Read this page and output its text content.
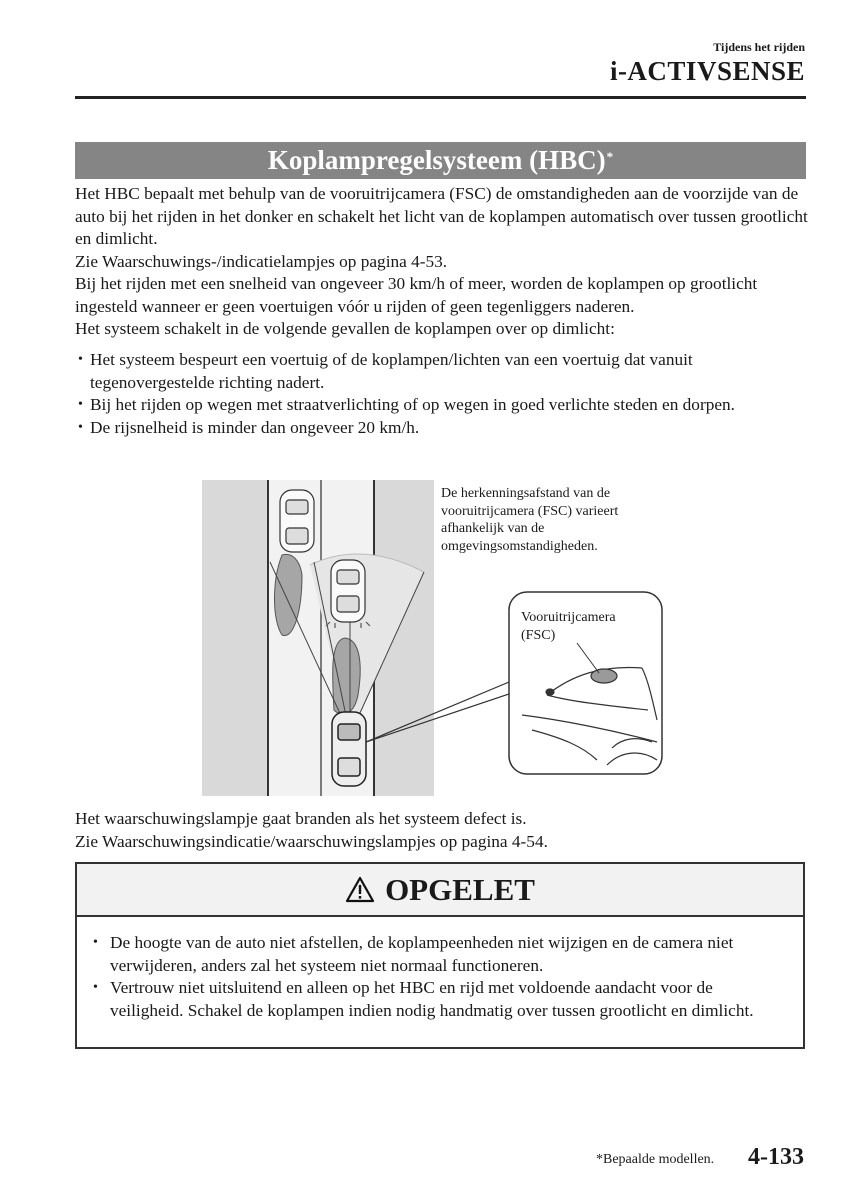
Tijdens het rijden
i-ACTIVSENSE
Koplampregelsysteem (HBC)*

Het HBC bepaalt met behulp van de vooruitrijcamera (FSC) de omstandigheden aan de voorzijde van de auto bij het rijden in het donker en schakelt het licht van de koplampen automatisch over tussen grootlicht en dimlicht.

Zie Waarschuwings-/indicatielampjes op pagina 4-53.

Bij het rijden met een snelheid van ongeveer 30 km/h of meer, worden de koplampen op grootlicht ingesteld wanneer er geen voertuigen vóór u rijden of geen tegenliggers naderen.

Het systeem schakelt in de volgende gevallen de koplampen over op dimlicht:

• Het systeem bespeurt een voertuig of de koplampen/lichten van een voertuig dat vanuit tegenovergestelde richting nadert.
• Bij het rijden op wegen met straatverlichting of op wegen in goed verlichte steden en dorpen.
• De rijsnelheid is minder dan ongeveer 20 km/h.
De herkenningsafstand van de vooruitrijcamera (FSC) varieert afhankelijk van de omgevingsomstandigheden.
Vooruitrijcamera
(FSC)

Het waarschuwingslampje gaat branden als het systeem defect is.

Zie Waarschuwingsindicatie/waarschuwingslampjes op pagina 4-54.

OPGELET
• De hoogte van de auto niet afstellen, de koplampeenheden niet wijzigen en de camera niet verwijderen, anders zal het systeem niet normaal functioneren.
• Vertrouw niet uitsluitend en alleen op het HBC en rijd met voldoende aandacht voor de veiligheid. Schakel de koplampen indien nodig handmatig over tussen grootlicht en dimlicht.
*Bepaalde modellen. 4-133
